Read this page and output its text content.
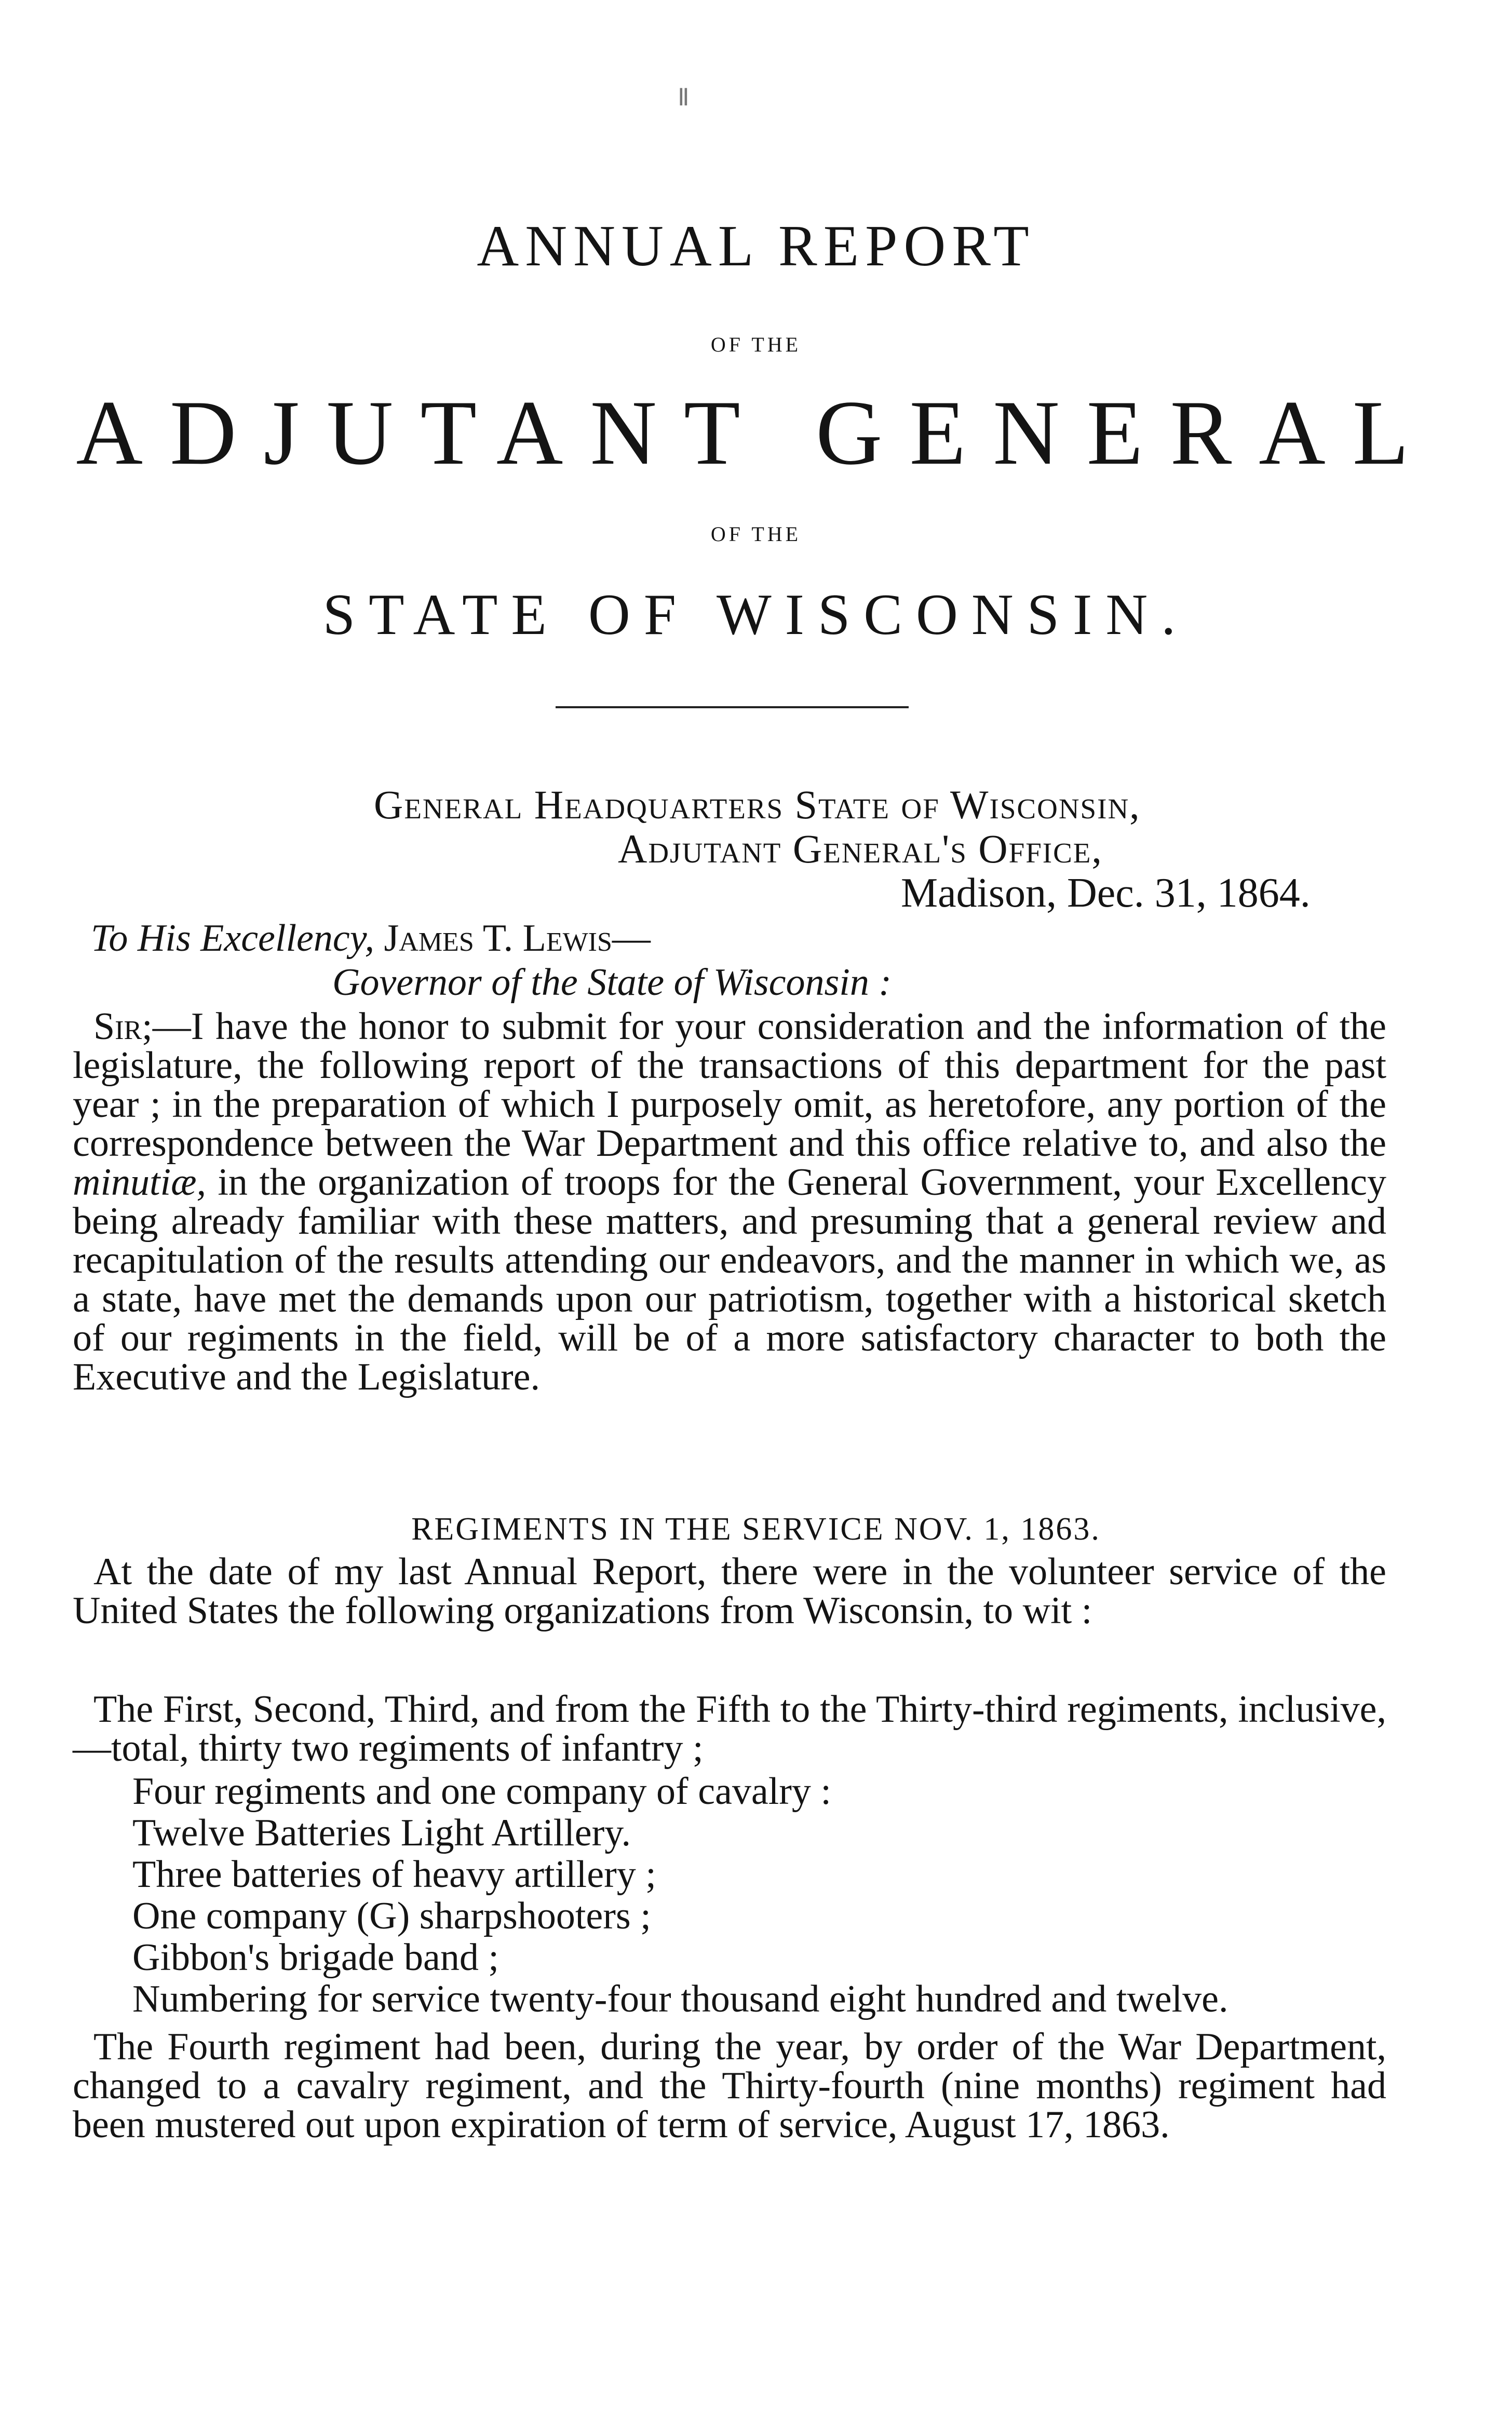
Ⅱ
ANNUAL REPORT
OF THE
ADJUTANT GENERAL
OF THE
STATE OF WISCONSIN.
General Headquarters State of Wisconsin,
Adjutant General's Office,
Madison, Dec. 31, 1864.
To His Excellency, James T. Lewis—
Governor of the State of Wisconsin :

Sir;—I have the honor to submit for your consideration and the information of the legislature, the following report of the transactions of this department for the past year ; in the preparation of which I purposely omit, as heretofore, any portion of the correspondence between the War Department and this office relative to, and also the minutiæ, in the organization of troops for the General Government, your Excellency being already familiar with these matters, and presuming that a general review and recapitulation of the results attending our endeavors, and the manner in which we, as a state, have met the demands upon our patriotism, together with a historical sketch of our regiments in the field, will be of a more satisfactory character to both the Executive and the Legislature.

REGIMENTS IN THE SERVICE NOV. 1, 1863.

At the date of my last Annual Report, there were in the volunteer service of the United States the following organizations from Wisconsin, to wit :

The First, Second, Third, and from the Fifth to the Thirty-third regiments, inclusive,—total, thirty two regiments of infantry ;

Four regiments and one company of cavalry :
Twelve Batteries Light Artillery.
Three batteries of heavy artillery ;
One company (G) sharpshooters ;
Gibbon's brigade band ;
Numbering for service twenty-four thousand eight hundred and twelve.

The Fourth regiment had been, during the year, by order of the War Department, changed to a cavalry regiment, and the Thirty-fourth (nine months) regiment had been mustered out upon expiration of term of service, August 17, 1863.
